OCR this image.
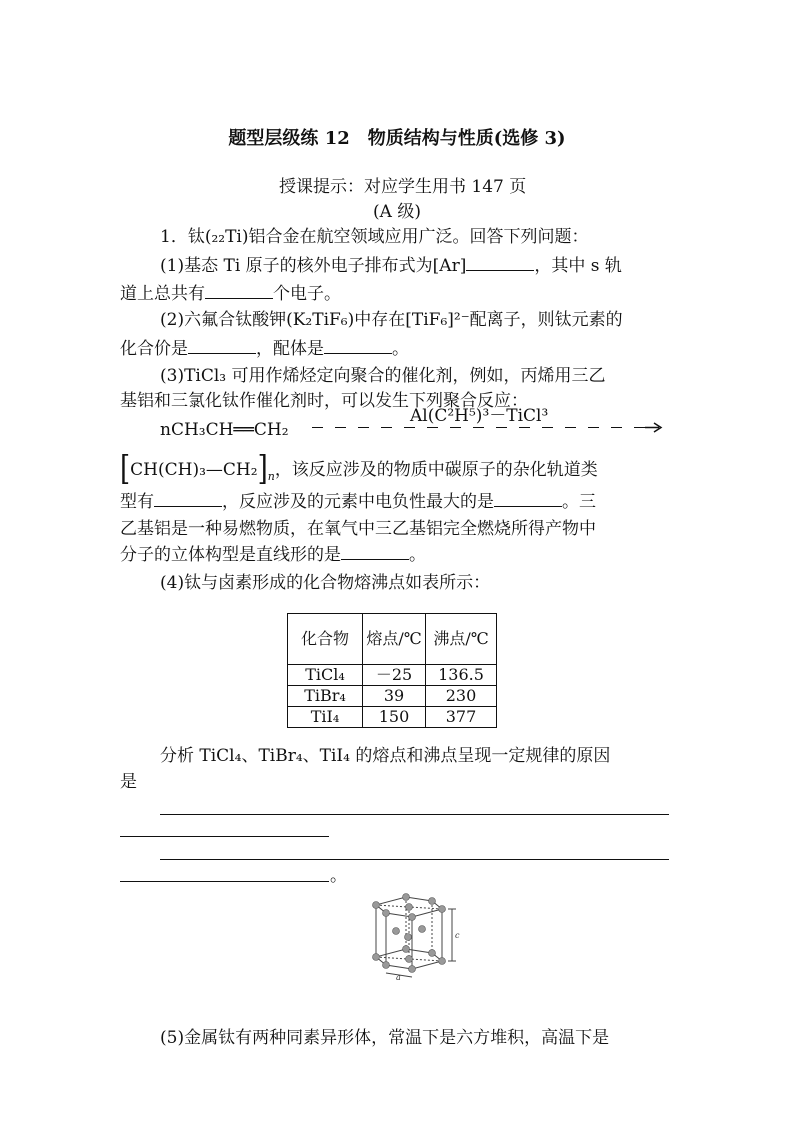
题型层级练 12　物质结构与性质(选修 3)
授课提示：对应学生用书 147 页
(A 级)
1．钛(₂₂Ti)铝合金在航空领域应用广泛。回答下列问题：
(1)基态 Ti 原子的核外电子排布式为[Ar]	，其中 s 轨
道上总共有	个电子。
(2)六氟合钛酸钾(K₂TiF₆)中存在[TiF₆]²⁻配离子，则钛元素的
化合价是	，配体是	。
(3)TiCl₃ 可用作烯烃定向聚合的催化剂，例如，丙烯用三乙
基铝和三氯化钛作催化剂时，可以发生下列聚合反应：
nCH₃CH══CH₂
Al(C²H⁵)³－TiCl³
$[CH(CH)_3—CH_2]_n$，该反应涉及的物质中碳原子的杂化轨道类
型有	，反应涉及的元素中电负性最大的是	。三
乙基铝是一种易燃物质，在氧气中三乙基铝完全燃烧所得产物中
分子的立体构型是直线形的是	。
(4)钛与卤素形成的化合物熔沸点如表所示：
化合物	熔点/℃	沸点/℃
TiCl₄	－25	136.5
TiBr₄	39	230
TiI₄	150	377
分析 TiCl₄、TiBr₄、TiI₄ 的熔点和沸点呈现一定规律的原因
是
。
c
a
(5)金属钛有两种同素异形体，常温下是六方堆积，高温下是
